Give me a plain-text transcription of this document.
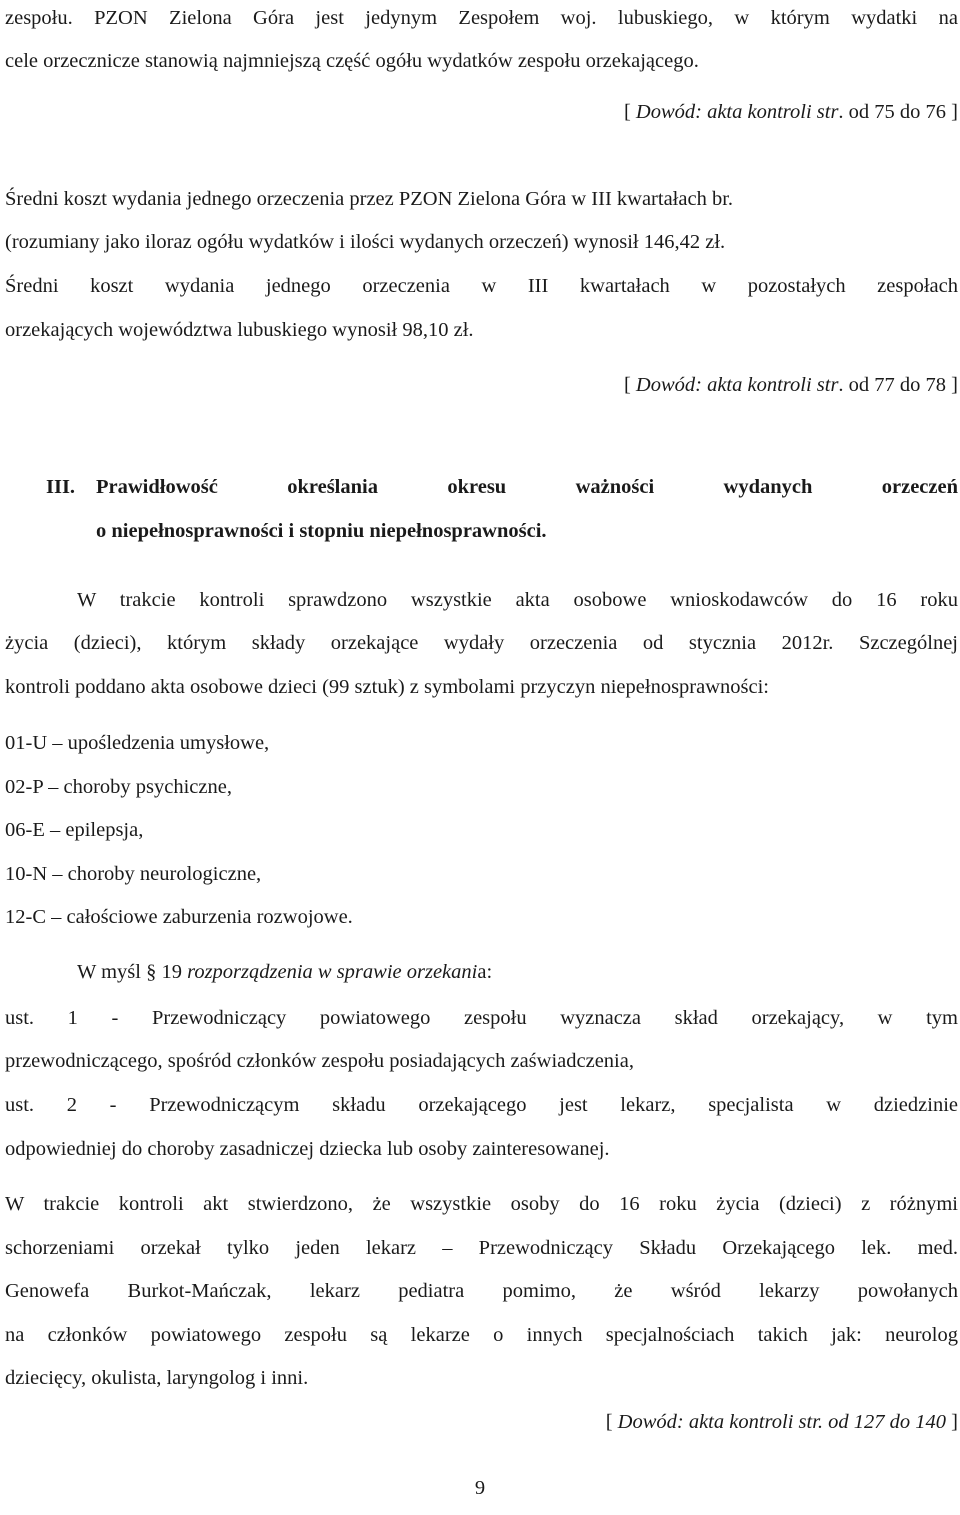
zespołu. PZON Zielona Góra jest jedynym Zespołem woj. lubuskiego, w którym wydatki na
cele orzecznicze stanowią najmniejszą część ogółu wydatków zespołu orzekającego.
[ Dowód: akta kontroli str. od 75 do 76 ]
Średni koszt wydania jednego orzeczenia przez PZON Zielona Góra w III kwartałach br.
(rozumiany jako iloraz ogółu wydatków i ilości wydanych orzeczeń) wynosił 146,42 zł.
Średni koszt wydania jednego orzeczenia w III kwartałach w pozostałych zespołach
orzekających województwa lubuskiego wynosił 98,10 zł.
[ Dowód: akta kontroli str. od 77 do 78 ]
III. Prawidłowość określania okresu ważności wydanych orzeczeń
o niepełnosprawności i stopniu niepełnosprawności.
W trakcie kontroli sprawdzono wszystkie akta osobowe wnioskodawców do 16 roku
życia (dzieci), którym składy orzekające wydały orzeczenia od stycznia 2012r. Szczególnej
kontroli poddano akta osobowe dzieci (99 sztuk) z symbolami przyczyn niepełnosprawności:
01-U – upośledzenia umysłowe,
02-P – choroby psychiczne,
06-E – epilepsja,
10-N – choroby neurologiczne,
12-C – całościowe zaburzenia rozwojowe.
W myśl § 19 rozporządzenia w sprawie orzekania:
ust. 1 - Przewodniczący powiatowego zespołu wyznacza skład orzekający, w tym
przewodniczącego, spośród członków zespołu posiadających zaświadczenia,
ust. 2 - Przewodniczącym składu orzekającego jest lekarz, specjalista w dziedzinie
odpowiedniej do choroby zasadniczej dziecka lub osoby zainteresowanej.
W trakcie kontroli akt stwierdzono, że wszystkie osoby do 16 roku życia (dzieci) z różnymi
schorzeniami orzekał tylko jeden lekarz – Przewodniczący Składu Orzekającego lek. med.
Genowefa Burkot-Mańczak, lekarz pediatra pomimo, że wśród lekarzy powołanych
na członków powiatowego zespołu są lekarze o innych specjalnościach takich jak: neurolog
dziecięcy, okulista, laryngolog i inni.
[ Dowód: akta kontroli str. od 127 do 140 ]
9
